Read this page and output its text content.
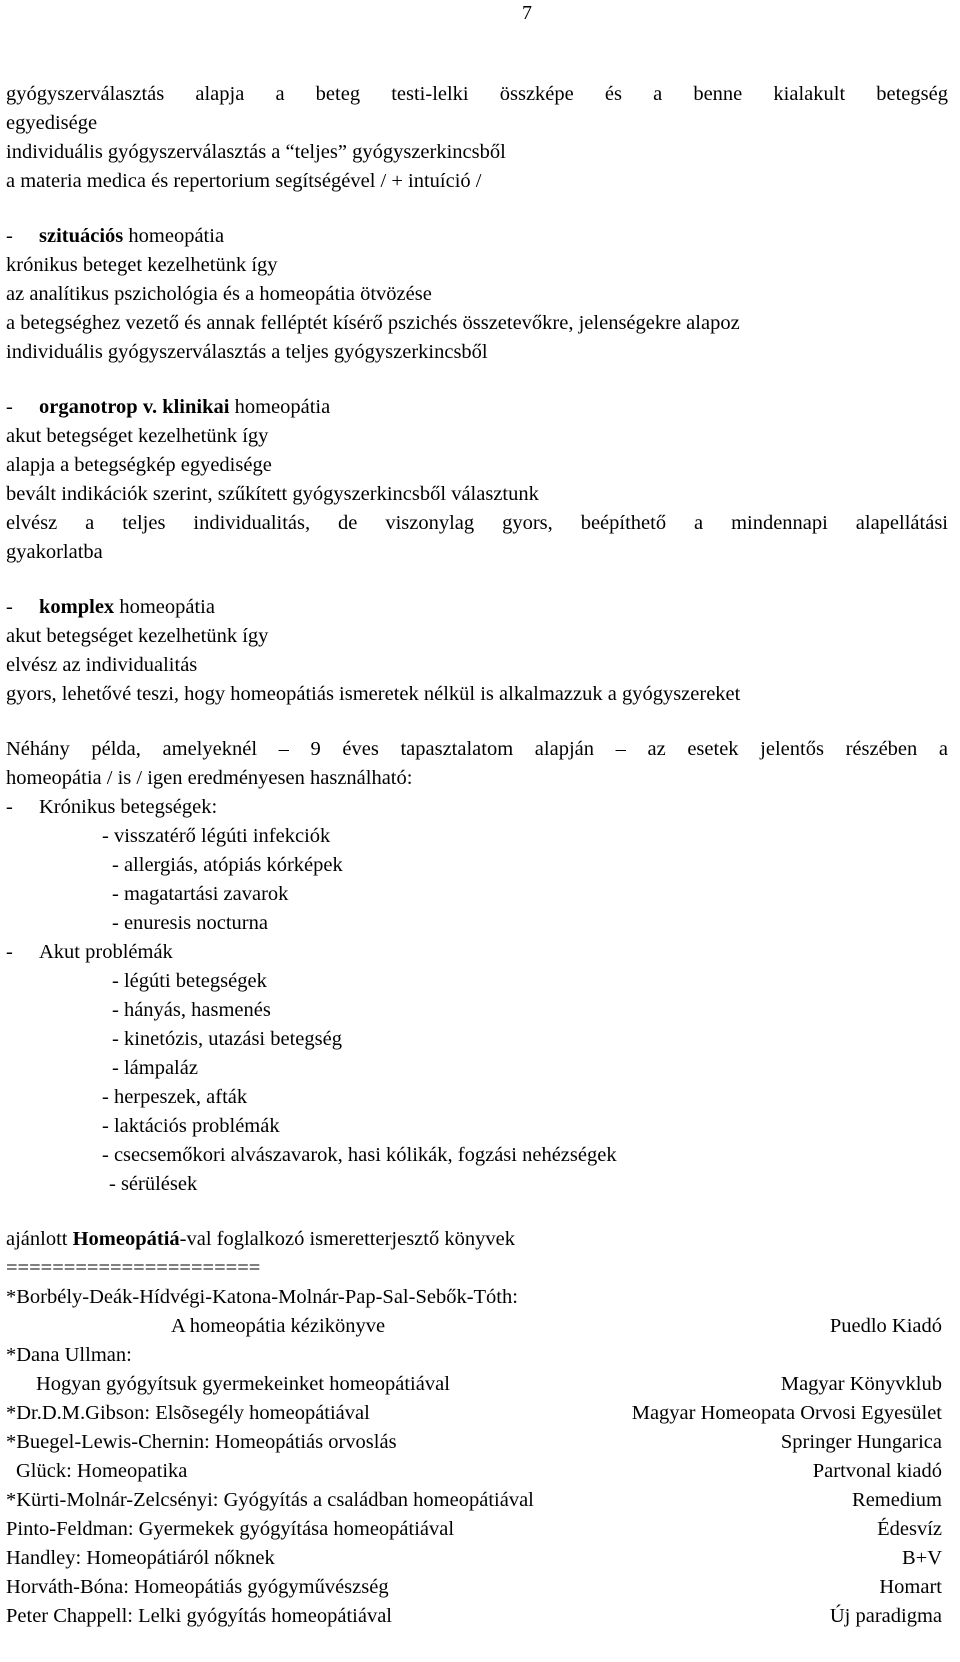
7
gyógyszerválasztás alapja a beteg testi-lelki összképe és a benne kialakult betegség
egyedisége
individuális gyógyszerválasztás a “teljes” gyógyszerkincsből
a materia medica és repertorium segítségével / + intuíció /
- szituációs homeopátia
krónikus beteget kezelhetünk így
az analítikus pszichológia és a homeopátia ötvözése
a betegséghez vezető és annak felléptét kísérő pszichés összetevőkre, jelenségekre alapoz
individuális gyógyszerválasztás a teljes gyógyszerkincsből
- organotrop v. klinikai homeopátia
akut betegséget kezelhetünk így
alapja a betegségkép egyedisége
bevált indikációk szerint, szűkített gyógyszerkincsből választunk
elvész a teljes individualitás, de viszonylag gyors, beépíthető a mindennapi alapellátási
gyakorlatba
- komplex homeopátia
akut betegséget kezelhetünk így
elvész az individualitás
gyors, lehetővé teszi, hogy homeopátiás ismeretek nélkül is alkalmazzuk a gyógyszereket
Néhány példa, amelyeknél – 9 éves tapasztalatom alapján – az esetek jelentős részében a
homeopátia / is / igen eredményesen használható:
- Krónikus betegségek:
- visszatérő légúti infekciók
- allergiás, atópiás kórképek
- magatartási zavarok
- enuresis nocturna
- Akut problémák
- légúti betegségek
- hányás, hasmenés
- kinetózis, utazási betegség
- lámpaláz
- herpeszek, afták
- laktációs problémák
- csecsemőkori alvászavarok, hasi kólikák, fogzási nehézségek
- sérülések
ajánlott Homeopátiá-val foglalkozó ismeretterjesztő könyvek
======================
*Borbély-Deák-Hídvégi-Katona-Molnár-Pap-Sal-Sebők-Tóth:
A homeopátia kézikönyve	Puedlo Kiadó
*Dana Ullman:
Hogyan gyógyítsuk gyermekeinket homeopátiával	Magyar Könyvklub
*Dr.D.M.Gibson: Elsõsegély homeopátiával	Magyar Homeopata Orvosi Egyesület
*Buegel-Lewis-Chernin: Homeopátiás orvoslás	Springer Hungarica
Glück: Homeopatika	Partvonal kiadó
*Kürti-Molnár-Zelcsényi: Gyógyítás a családban homeopátiával	Remedium
Pinto-Feldman: Gyermekek gyógyítása homeopátiával	Édesvíz
Handley: Homeopátiáról nőknek	B+V
Horváth-Bóna: Homeopátiás gyógyművészség	Homart
Peter Chappell: Lelki gyógyítás homeopátiával	Új paradigma
